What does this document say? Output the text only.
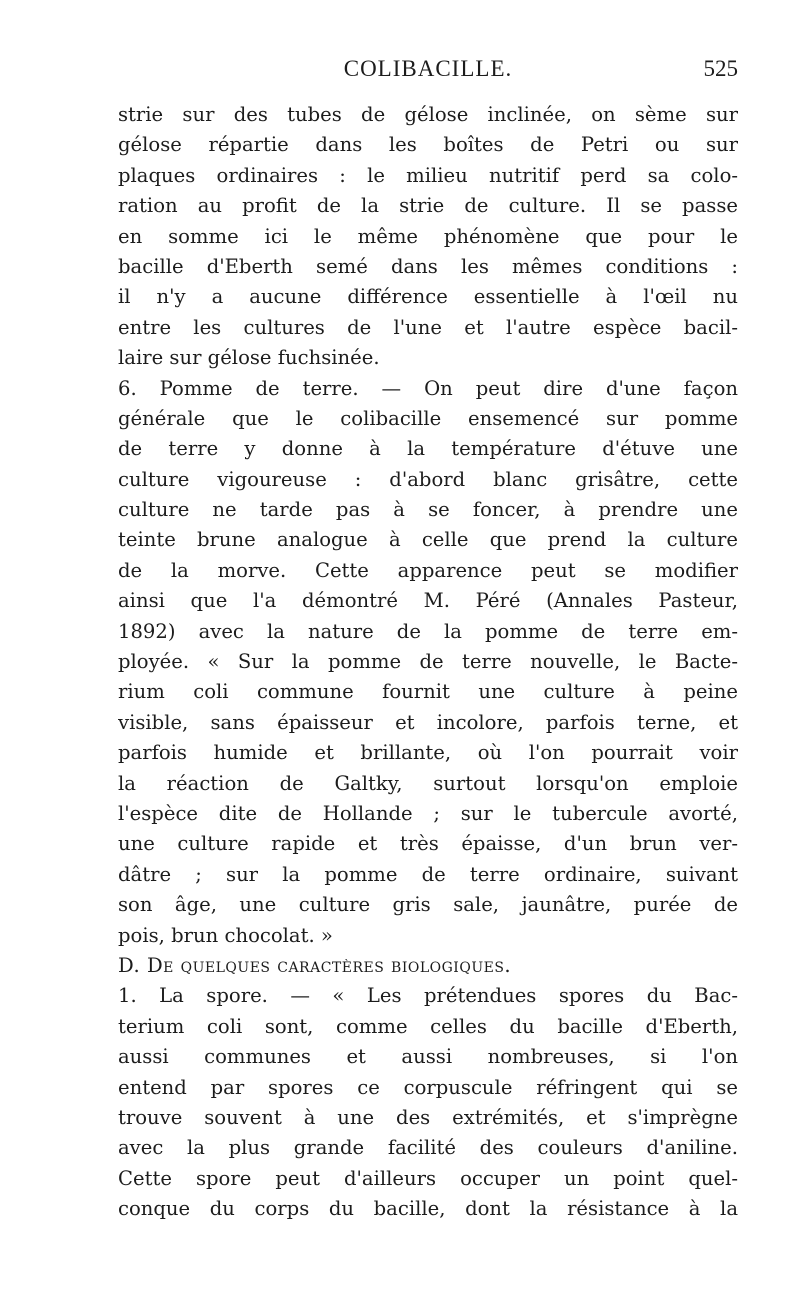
COLIBACILLE.	525
strie sur des tubes de gélose inclinée, on sème sur
gélose répartie dans les boîtes de Petri ou sur
plaques ordinaires : le milieu nutritif perd sa colo-
ration au profit de la strie de culture. Il se passe
en somme ici le même phénomène que pour le
bacille d'Eberth semé dans les mêmes conditions :
il n'y a aucune différence essentielle à l'œil nu
entre les cultures de l'une et l'autre espèce bacil-
laire sur gélose fuchsinée.
6. Pomme de terre. — On peut dire d'une façon
générale que le colibacille ensemencé sur pomme
de terre y donne à la température d'étuve une
culture vigoureuse : d'abord blanc grisâtre, cette
culture ne tarde pas à se foncer, à prendre une
teinte brune analogue à celle que prend la culture
de la morve. Cette apparence peut se modifier
ainsi que l'a démontré M. Péré (Annales Pasteur,
1892) avec la nature de la pomme de terre em-
ployée. « Sur la pomme de terre nouvelle, le Bacte-
rium coli commune fournit une culture à peine
visible, sans épaisseur et incolore, parfois terne, et
parfois humide et brillante, où l'on pourrait voir
la réaction de Galtky, surtout lorsqu'on emploie
l'espèce dite de Hollande ; sur le tubercule avorté,
une culture rapide et très épaisse, d'un brun ver-
dâtre ; sur la pomme de terre ordinaire, suivant
son âge, une culture gris sale, jaunâtre, purée de
pois, brun chocolat. »
D. De quelques caractères biologiques.
1. La spore. — « Les prétendues spores du Bac-
terium coli sont, comme celles du bacille d'Eberth,
aussi communes et aussi nombreuses, si l'on
entend par spores ce corpuscule réfringent qui se
trouve souvent à une des extrémités, et s'imprègne
avec la plus grande facilité des couleurs d'aniline.
Cette spore peut d'ailleurs occuper un point quel-
conque du corps du bacille, dont la résistance à la
